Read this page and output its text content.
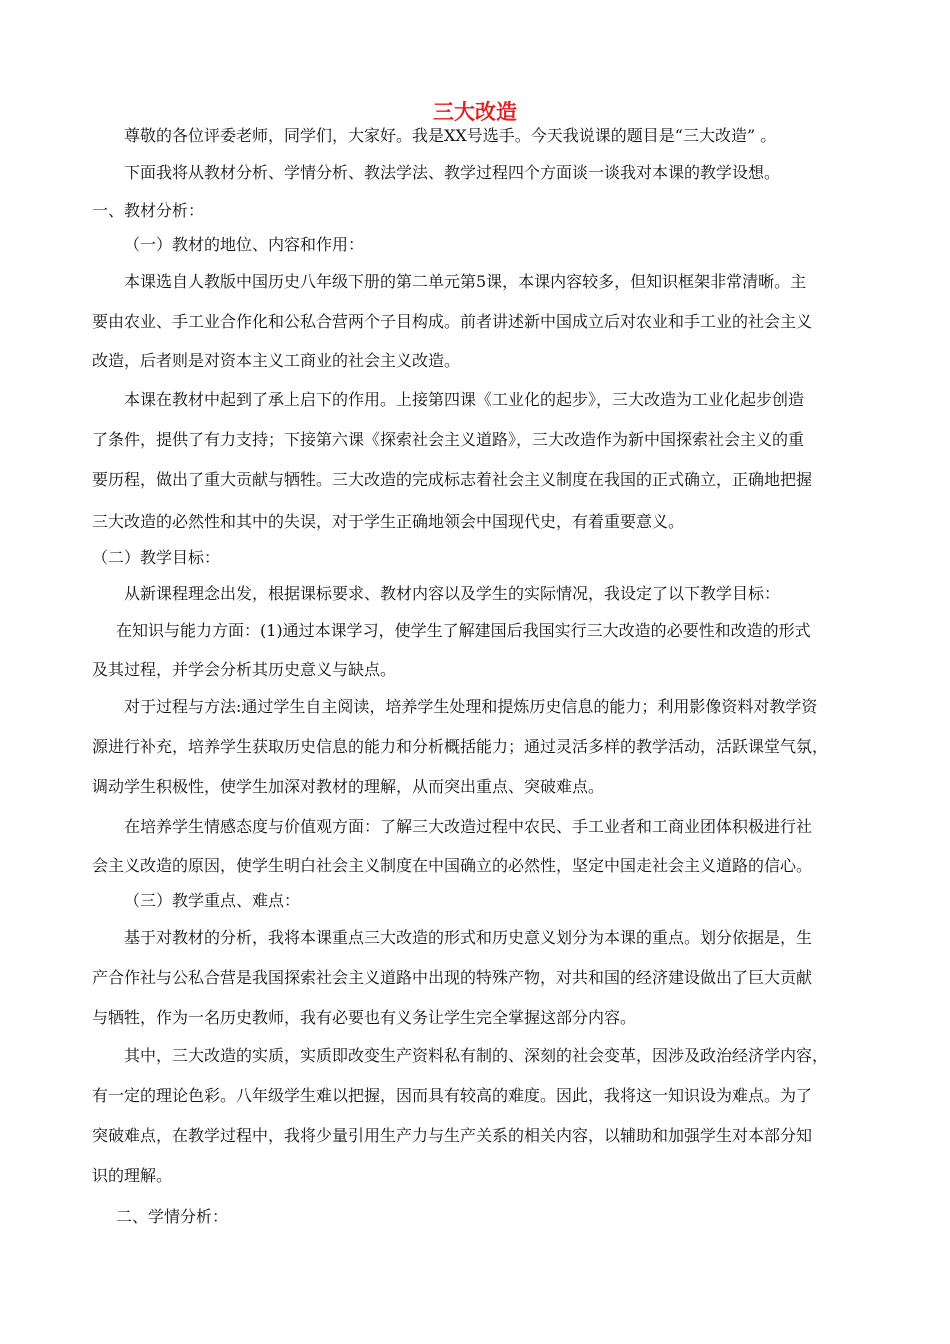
三大改造
尊敬的各位评委老师，同学们，大家好。我是XX号选手。今天我说课的题目是“三大改造” 。
下面我将从教材分析、学情分析、教法学法、教学过程四个方面谈一谈我对本课的教学设想。
一、教材分析：
（一）教材的地位、内容和作用：
本课选自人教版中国历史八年级下册的第二单元第5课，本课内容较多，但知识框架非常清晰。主
要由农业、手工业合作化和公私合营两个子目构成。前者讲述新中国成立后对农业和手工业的社会主义
改造，后者则是对资本主义工商业的社会主义改造。
本课在教材中起到了承上启下的作用。上接第四课《工业化的起步》，三大改造为工业化起步创造
了条件，提供了有力支持；下接第六课《探索社会主义道路》，三大改造作为新中国探索社会主义的重
要历程，做出了重大贡献与牺牲。三大改造的完成标志着社会主义制度在我国的正式确立，正确地把握
三大改造的必然性和其中的失误，对于学生正确地领会中国现代史，有着重要意义。
（二）教学目标：
从新课程理念出发，根据课标要求、教材内容以及学生的实际情况，我设定了以下教学目标：
在知识与能力方面：(1)通过本课学习，使学生了解建国后我国实行三大改造的必要性和改造的形式
及其过程，并学会分析其历史意义与缺点。
对于过程与方法:通过学生自主阅读，培养学生处理和提炼历史信息的能力；利用影像资料对教学资
源进行补充，培养学生获取历史信息的能力和分析概括能力；通过灵活多样的教学活动，活跃课堂气氛，
调动学生积极性，使学生加深对教材的理解，从而突出重点、突破难点。
在培养学生情感态度与价值观方面：了解三大改造过程中农民、手工业者和工商业团体积极进行社
会主义改造的原因，使学生明白社会主义制度在中国确立的必然性，坚定中国走社会主义道路的信心。
（三）教学重点、难点：
基于对教材的分析，我将本课重点三大改造的形式和历史意义划分为本课的重点。划分依据是，生
产合作社与公私合营是我国探索社会主义道路中出现的特殊产物，对共和国的经济建设做出了巨大贡献
与牺牲，作为一名历史教师，我有必要也有义务让学生完全掌握这部分内容。
其中，三大改造的实质，实质即改变生产资料私有制的、深刻的社会变革，因涉及政治经济学内容，
有一定的理论色彩。八年级学生难以把握，因而具有较高的难度。因此，我将这一知识设为难点。为了
突破难点，在教学过程中，我将少量引用生产力与生产关系的相关内容，以辅助和加强学生对本部分知
识的理解。
二、学情分析：
